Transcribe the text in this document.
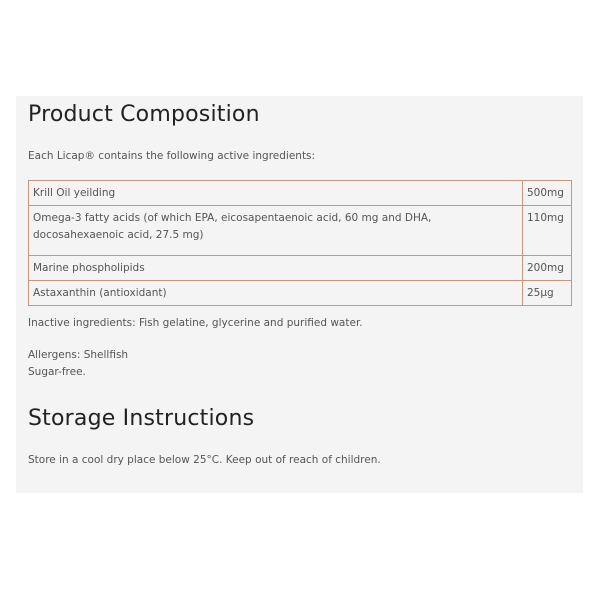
Product Composition
Each Licap® contains the following active ingredients:
Krill Oil yeilding	500mg

Omega-3 fatty acids (of which EPA, eicosapentaenoic acid, 60 mg and DHA,
docosahexaenoic acid, 27.5 mg)	110mg
Marine phospholipids	200mg
Astaxanthin (antioxidant)	25µg
Inactive ingredients: Fish gelatine, glycerine and purified water.
Allergens: Shellfish
Sugar-free.
Storage Instructions
Store in a cool dry place below 25°C. Keep out of reach of children.
